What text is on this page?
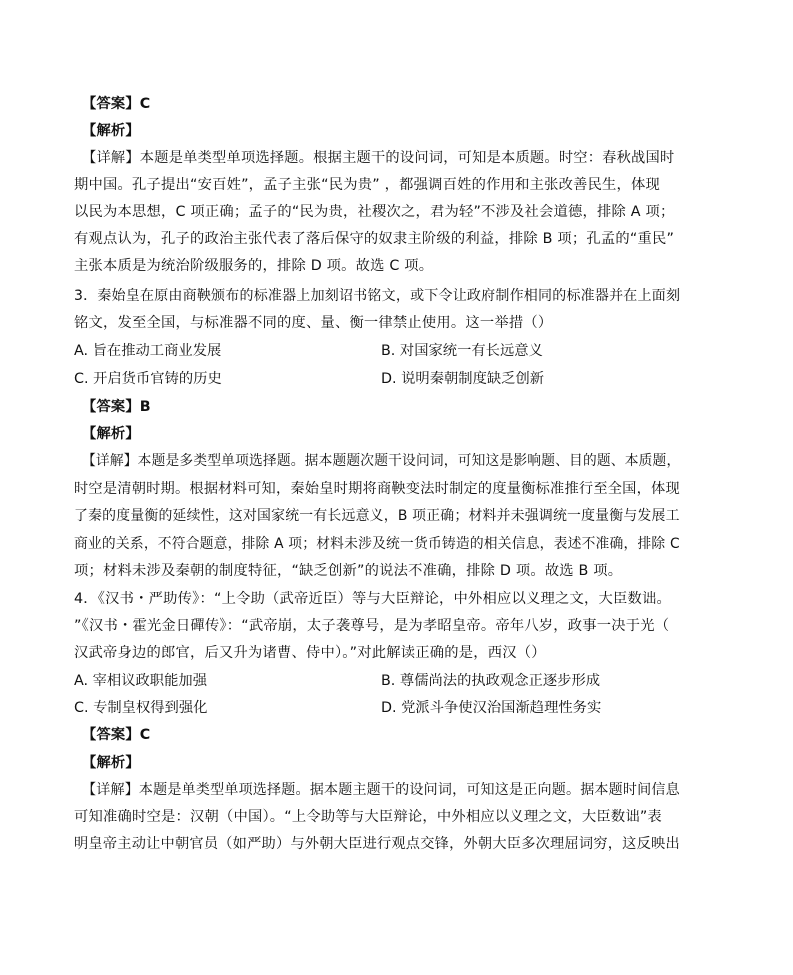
【答案】C
【解析】
【详解】本题是单类型单项选择题。根据主题干的设问词，可知是本质题。时空：春秋战国时
期中国。孔子提出“安百姓”，孟子主张“民为贵” ，都强调百姓的作用和主张改善民生，体现
以民为本思想，C 项正确；孟子的“民为贵，社稷次之，君为轻”不涉及社会道德，排除 A 项；
有观点认为，孔子的政治主张代表了落后保守的奴隶主阶级的利益，排除 B 项；孔孟的“重民”
主张本质是为统治阶级服务的，排除 D 项。故选 C 项。
3．秦始皇在原由商鞅颁布的标准器上加刻诏书铭文，或下令让政府制作相同的标准器并在上面刻
铭文，发至全国，与标准器不同的度、量、衡一律禁止使用。这一举措（）
A. 旨在推动工商业发展	B. 对国家统一有长远意义
C. 开启货币官铸的历史	D. 说明秦朝制度缺乏创新
【答案】B
【解析】
【详解】本题是多类型单项选择题。据本题题次题干设问词，可知这是影响题、目的题、本质题，
时空是清朝时期。根据材料可知，秦始皇时期将商鞅变法时制定的度量衡标准推行至全国，体现
了秦的度量衡的延续性，这对国家统一有长远意义，B 项正确；材料并未强调统一度量衡与发展工
商业的关系，不符合题意，排除 A 项；材料未涉及统一货币铸造的相关信息，表述不准确，排除 C
项；材料未涉及秦朝的制度特征，“缺乏创新”的说法不准确，排除 D 项。故选 B 项。
4．《汉书・严助传》：“上令助（武帝近臣）等与大臣辩论，中外相应以义理之文，大臣数诎。
”《汉书・霍光金日磾传》：“武帝崩，太子袭尊号，是为孝昭皇帝。帝年八岁，政事一决于光（
汉武帝身边的郎官，后又升为诸曹、侍中）。”对此解读正确的是，西汉（）
A. 宰相议政职能加强	B. 尊儒尚法的执政观念正逐步形成
C. 专制皇权得到强化	D. 党派斗争使汉治国渐趋理性务实
【答案】C
【解析】
【详解】本题是单类型单项选择题。据本题主题干的设问词，可知这是正向题。据本题时间信息
可知准确时空是：汉朝（中国）。“上令助等与大臣辩论，中外相应以义理之文，大臣数诎”表
明皇帝主动让中朝官员（如严助）与外朝大臣进行观点交锋，外朝大臣多次理屈词穷，这反映出
